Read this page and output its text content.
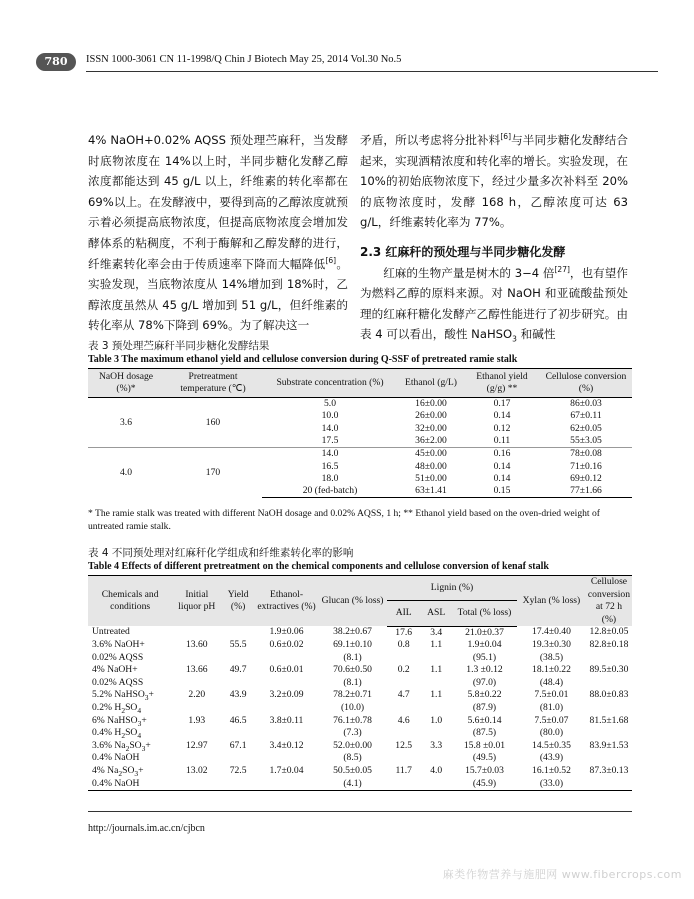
780	ISSN 1000-3061 CN 11-1998/Q Chin J Biotech May 25, 2014 Vol.30 No.5

4% NaOH+0.02% AQSS 预处理苎麻秆，当发酵时底物浓度在 14%以上时，半同步糖化发酵乙醇浓度都能达到 45 g/L 以上，纤维素的转化率都在 69%以上。在发酵液中，要得到高的乙醇浓度就预示着必须提高底物浓度，但提高底物浓度会增加发酵体系的粘稠度，不利于酶解和乙醇发酵的进行，纤维素转化率会由于传质速率下降而大幅降低[6]。实验发现，当底物浓度从 14%增加到 18%时，乙醇浓度虽然从 45 g/L 增加到 51 g/L，但纤维素的转化率从 78%下降到 69%。为了解决这一

矛盾，所以考虑将分批补料[6]与半同步糖化发酵结合起来，实现酒精浓度和转化率的增长。实验发现，在 10%的初始底物浓度下，经过少量多次补料至 20%的底物浓度时，发酵 168 h，乙醇浓度可达 63 g/L，纤维素转化率为 77%。

2.3 红麻秆的预处理与半同步糖化发酵

红麻的生物产量是树木的 3−4 倍[27]，也有望作为燃料乙醇的原料来源。对 NaOH 和亚硫酸盐预处理的红麻秆糖化发酵产乙醇性能进行了初步研究。由表 4 可以看出，酸性 NaHSO$_3$ 和碱性

表 3 预处理苎麻秆半同步糖化发酵结果
Table 3 The maximum ethanol yield and cellulose conversion during Q-SSF of pretreated ramie stalk
NaOH dosage (%)*	Pretreatment temperature (℃)	Substrate concentration (%)	Ethanol (g/L)	Ethanol yield (g/g) **	Cellulose conversion (%)
3.6	160	5.0	16±0.00	0.17	86±0.03
		10.0	26±0.00	0.14	67±0.11
		14.0	32±0.00	0.12	62±0.05
		17.5	36±2.00	0.11	55±3.05
4.0	170	14.0	45±0.00	0.16	78±0.08
		16.5	48±0.00	0.14	71±0.16
		18.0	51±0.00	0.14	69±0.12
		20 (fed-batch)	63±1.41	0.15	77±1.66
* The ramie stalk was treated with different NaOH dosage and 0.02% AQSS, 1 h; ** Ethanol yield based on the oven-dried weight of untreated ramie stalk.
表 4 不同预处理对红麻秆化学组成和纤维素转化率的影响
Table 4 Effects of different pretreatment on the chemical components and cellulose conversion of kenaf stalk
Chemicals and conditions	Initial liquor pH	Yield (%)	Ethanol-extractives (%)	Glucan (% loss)	Lignin (%)			Xylan (% loss)	Cellulose conversion at 72 h (%)
					AIL	ASL	Total (% loss)		
Untreated			1.9±0.06	38.2±0.67	17.6	3.4	21.0±0.37	17.4±0.40	12.8±0.05
3.6% NaOH+	13.60	55.5	0.6±0.02	69.1±0.10	0.8	1.1	1.9±0.04	19.3±0.30	82.8±0.18
0.02% AQSS				(8.1)			(95.1)	(38.5)	
4% NaOH+	13.66	49.7	0.6±0.01	70.6±0.50	0.2	1.1	1.3 ±0.12	18.1±0.22	89.5±0.30
0.02% AQSS				(8.1)			(97.0)	(48.4)	
5.2% NaHSO$_3$+	2.20	43.9	3.2±0.09	78.2±0.71	4.7	1.1	5.8±0.22	7.5±0.01	88.0±0.83
0.2% $H_2SO_4$				(10.0)			(87.9)	(81.0)	
6% NaHSO$_3$+	1.93	46.5	3.8±0.11	76.1±0.78	4.6	1.0	5.6±0.14	7.5±0.07	81.5±1.68
0.4% $H_2SO_4$				(7.3)			(87.5)	(80.0)	
3.6% $Na_2SO_3+$	12.97	67.1	3.4±0.12	52.0±0.00	12.5	3.3	15.8 ±0.01	14.5±0.35	83.9±1.53
0.4% NaOH				(8.5)			(49.5)	(43.9)	
4% $Na_2SO_3+$	13.02	72.5	1.7±0.04	50.5±0.05	11.7	4.0	15.7±0.03	16.1±0.52	87.3±0.13
0.4% NaOH				(4.1)			(45.9)	(33.0)	
http://journals.im.ac.cn/cjbcn
麻类作物营养与施肥网 www.fibercrops.com
